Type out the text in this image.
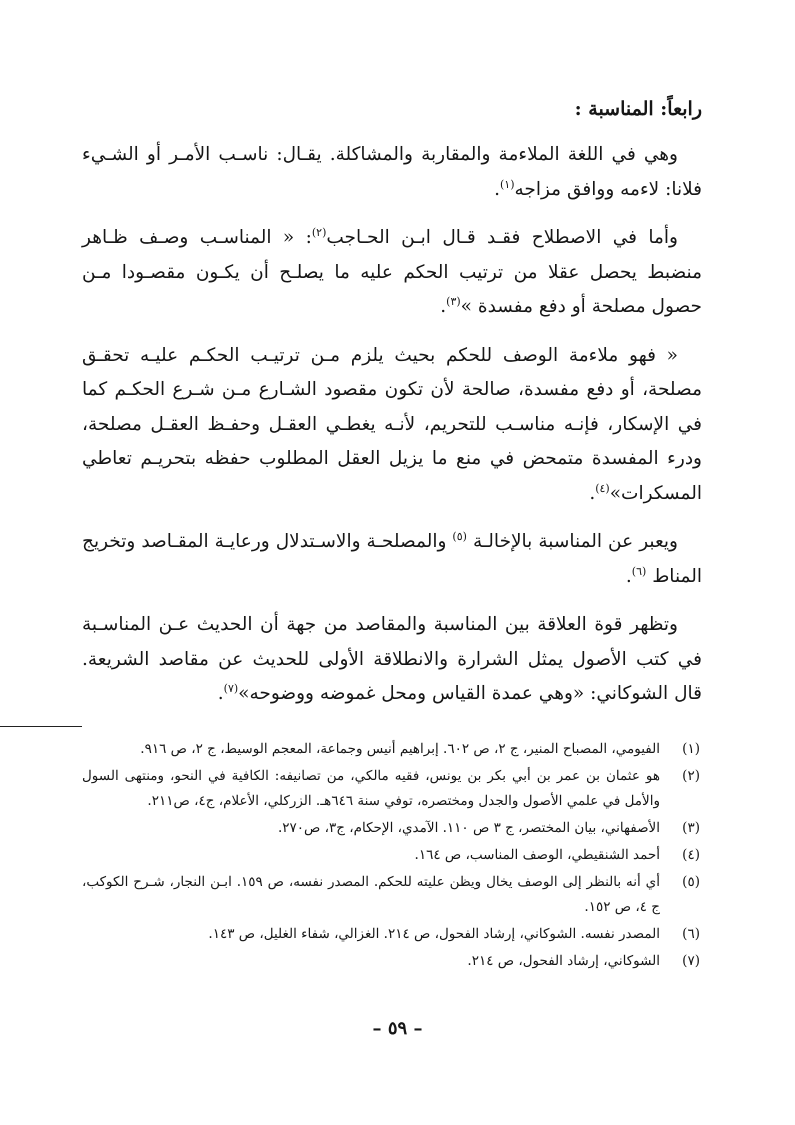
رابعاً: المناسبة :

وهي في اللغة الملاءمة والمقاربة والمشاكلة. يقـال: ناسـب الأمـر أو الشـيء فلانا: لاءمه ووافق مزاجه$^{(١)}$.

وأما في الاصطلاح فقـد قـال ابـن الحـاجب$^{(٢)}$: « المناسـب وصـف ظـاهر منضبط يحصل عقلا من ترتيب الحكم عليه ما يصلـح أن يكـون مقصـودا مـن حصول مصلحة أو دفع مفسدة »$^{(٣)}$.

« فهو ملاءمة الوصف للحكم بحيث يلزم مـن ترتيـب الحكـم عليـه تحقـق مصلحة، أو دفع مفسدة، صالحة لأن تكون مقصود الشـارع مـن شـرع الحكـم كما في الإسكار، فإنـه مناسـب للتحريم، لأنـه يغطـي العقـل وحفـظ العقـل مصلحة، ودرء المفسدة متمحض في منع ما يزيل العقل المطلوب حفظه بتحريـم تعاطي المسكرات»$^{(٤)}$.

ويعبر عن المناسبة بالإخالـة $^{(٥)}$ والمصلحـة والاسـتدلال ورعايـة المقـاصد وتخريج المناط $^{(٦)}$.

وتظهر قوة العلاقة بين المناسبة والمقاصد من جهة أن الحديث عـن المناسـبة في كتب الأصول يمثل الشرارة والانطلاقة الأولى للحديث عن مقاصد الشريعة. قال الشوكاني: «وهي عمدة القياس ومحل غموضه ووضوحه»$^{(٧)}$.

(١)
الفيومي، المصباح المنير، ج ٢، ص ٦٠٢. إبراهيم أنيس وجماعة، المعجم الوسيط، ج ٢، ص ٩١٦.
(٢)
هو عثمان بن عمر بن أبي بكر بن يونس، فقيه مالكي، من تصانيفه: الكافية في النحو، ومنتهى السول والأمل في علمي الأصول والجدل ومختصره، توفي سنة ٦٤٦هـ. الزركلي، الأعلام، ج٤، ص٢١١.
(٣)
الأصفهاني، بيان المختصر، ج ٣ ص ١١٠. الآمدي، الإحكام، ج٣، ص٢٧٠.
(٤)
أحمد الشنقيطي، الوصف المناسب، ص ١٦٤.
(٥)
أي أنه بالنظر إلى الوصف يخال ويظن عليته للحكم. المصدر نفسه، ص ١٥٩. ابـن النجار، شـرح الكوكب، ج ٤، ص ١٥٢.
(٦)
المصدر نفسه. الشوكاني، إرشاد الفحول، ص ٢١٤. الغزالي، شفاء الغليل، ص ١٤٣.
(٧)
الشوكاني، إرشاد الفحول، ص ٢١٤.
– ٥٩ –
